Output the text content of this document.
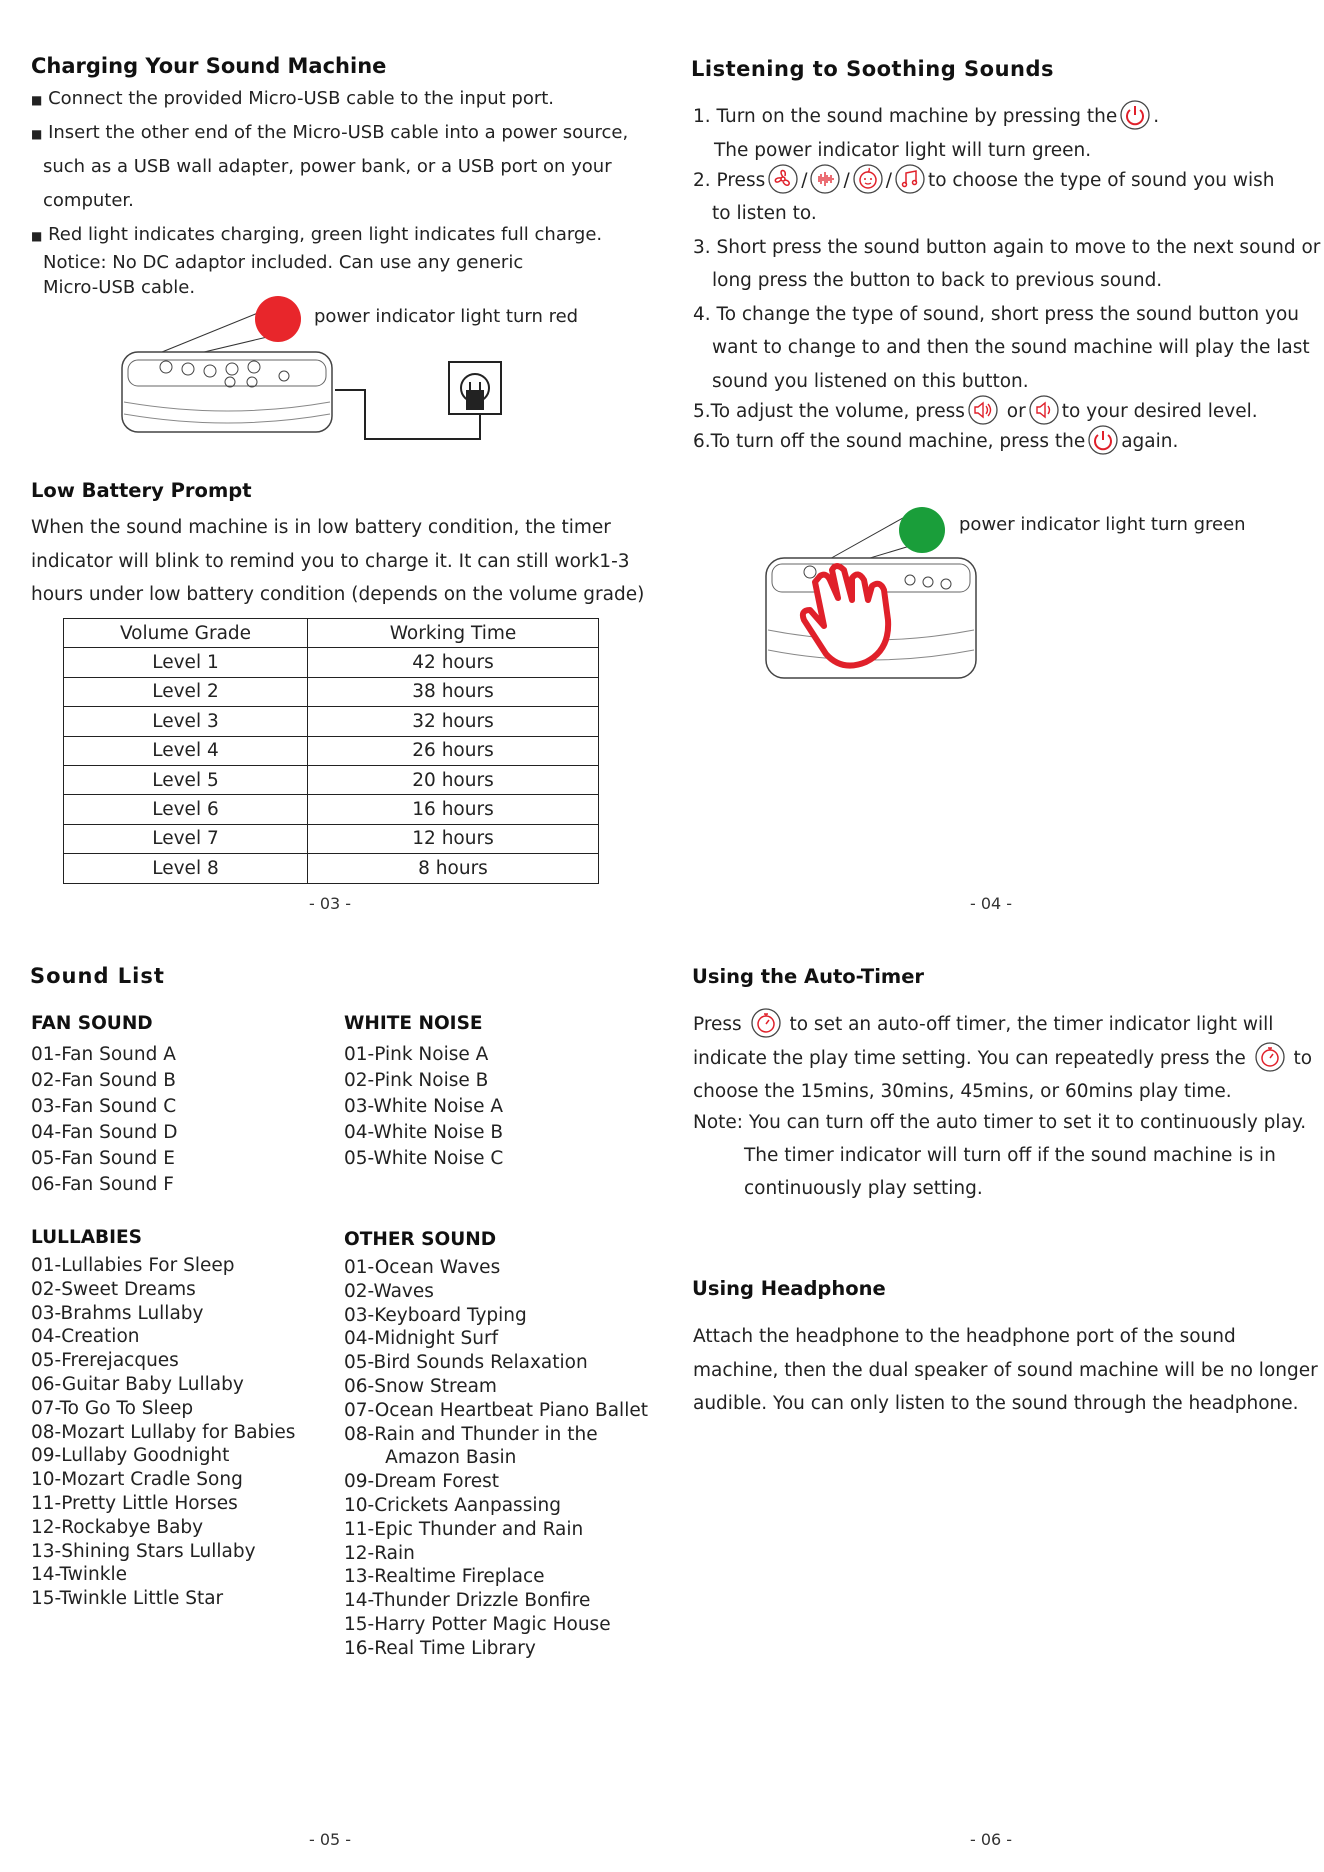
Charging Your Sound Machine
■ Connect the provided Micro-USB cable to the input port.
■ Insert the other end of the Micro-USB cable into a power source,
such as a USB wall adapter, power bank, or a USB port on your
computer.
■ Red light indicates charging, green light indicates full charge.
Notice: No DC adaptor included. Can use any generic
Micro-USB cable.
power indicator light turn red
Low Battery Prompt
When the sound machine is in low battery condition, the timer
indicator will blink to remind you to charge it. It can still work1-3
hours under low battery condition (depends on the volume grade)
Volume Grade	Working Time
Level 1	42 hours
Level 2	38 hours
Level 3	32 hours
Level 4	26 hours
Level 5	20 hours
Level 6	16 hours
Level 7	12 hours
Level 8	8 hours
- 03 -
Listening to Soothing Sounds
1. Turn on the sound machine by pressing the .
The power indicator light will turn green.
2. Press / / / to choose the type of sound you wish
to listen to.
3. Short press the sound button again to move to the next sound or
long press the button to back to previous sound.
4. To change the type of sound, short press the sound button you
want to change to and then the sound machine will play the last
sound you listened on this button.
5.To adjust the volume, press or to your desired level.
6.To turn off the sound machine, press the again.
power indicator light turn green
- 04 -
Sound List
FAN SOUND
01-Fan Sound A
02-Fan Sound B
03-Fan Sound C
04-Fan Sound D
05-Fan Sound E
06-Fan Sound F
WHITE NOISE
01-Pink Noise A
02-Pink Noise B
03-White Noise A
04-White Noise B
05-White Noise C
LULLABIES
01-Lullabies For Sleep
02-Sweet Dreams
03-Brahms Lullaby
04-Creation
05-Frerejacques
06-Guitar Baby Lullaby
07-To Go To Sleep
08-Mozart Lullaby for Babies
09-Lullaby Goodnight
10-Mozart Cradle Song
11-Pretty Little Horses
12-Rockabye Baby
13-Shining Stars Lullaby
14-Twinkle
15-Twinkle Little Star
OTHER SOUND
01-Ocean Waves
02-Waves
03-Keyboard Typing
04-Midnight Surf
05-Bird Sounds Relaxation
06-Snow Stream
07-Ocean Heartbeat Piano Ballet
08-Rain and Thunder in the
Amazon Basin
09-Dream Forest
10-Crickets Aanpassing
11-Epic Thunder and Rain
12-Rain
13-Realtime Fireplace
14-Thunder Drizzle Bonfire
15-Harry Potter Magic House
16-Real Time Library
- 05 -
Using the Auto-Timer
Press	to set an auto-off timer, the timer indicator light will
indicate the play time setting. You can repeatedly press the	to
choose the 15mins, 30mins, 45mins, or 60mins play time.
Note: You can turn off the auto timer to set it to continuously play.
The timer indicator will turn off if the sound machine is in
continuously play setting.
Using Headphone
Attach the headphone to the headphone port of the sound
machine, then the dual speaker of sound machine will be no longer
audible. You can only listen to the sound through the headphone.
- 06 -
